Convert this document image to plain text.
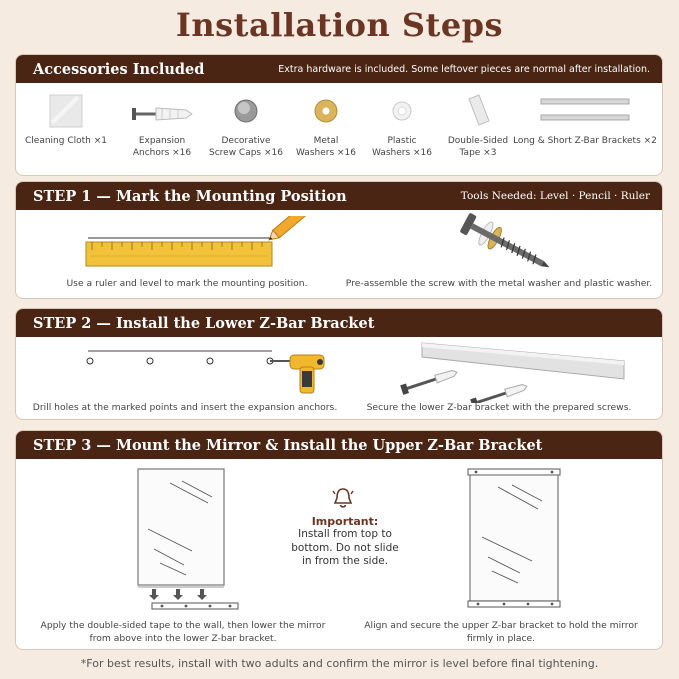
Installation Steps
Accessories Included	Extra hardware is included. Some leftover pieces are normal after installation.
Cleaning Cloth ×1	Expansion
Anchors ×16
Decorative
Screw Caps ×16
Metal
Washers ×16
Plastic
Washers ×16
Double-Sided
Tape ×3
Long & Short Z-Bar Brackets ×2
STEP 1 — Mark the Mounting Position	Tools Needed: Level · Pencil · Ruler
Use a ruler and level to mark the mounting position.	Pre-assemble the screw with the metal washer and plastic washer.
STEP 2 — Install the Lower Z-Bar Bracket
Drill holes at the marked points and insert the expansion anchors.	Secure the lower Z-bar bracket with the prepared screws.
STEP 3 — Mount the Mirror & Install the Upper Z-Bar Bracket
Important:
Install from top to
bottom. Do not slide
in from the side.
Apply the double-sided tape to the wall, then lower the mirror
from above into the lower Z-bar bracket.
Align and secure the upper Z-bar bracket to hold the mirror
firmly in place.
*For best results, install with two adults and confirm the mirror is level before final tightening.
